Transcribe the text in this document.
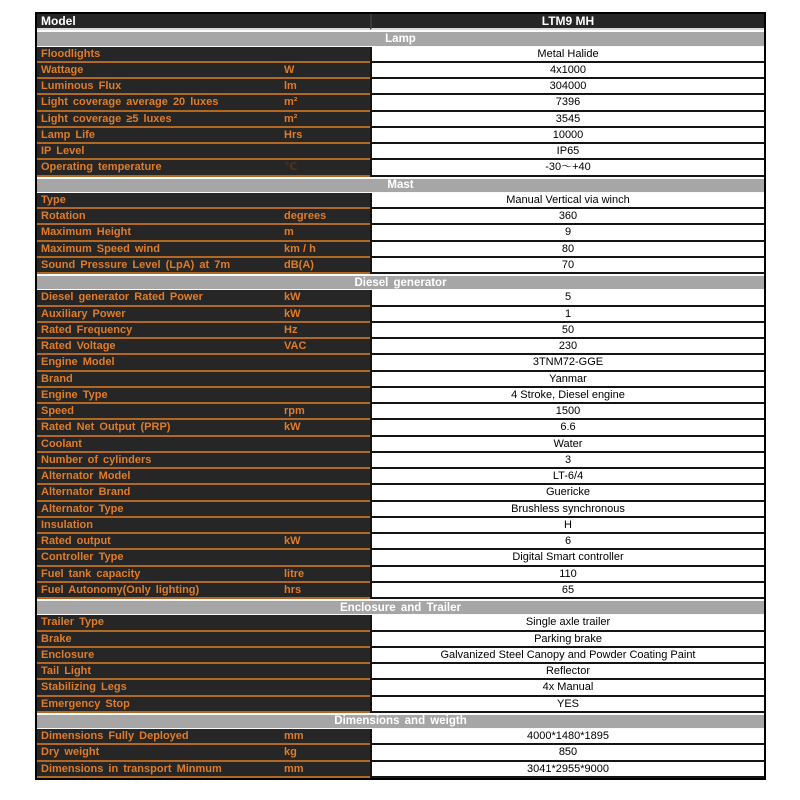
Model	LTM9 MH
Lamp
Floodlights	Metal Halide
Wattage	W	4x1000
Luminous Flux	lm	304000
Light coverage average 20 luxes	m²	7396
Light coverage ≥5 luxes	m²	3545
Lamp Life	Hrs	10000
IP Level	IP65
Operating temperature	℃	-30～+40
Mast
Type	Manual Vertical via winch
Rotation	degrees	360
Maximum Height	m	9
Maximum Speed wind	km / h	80
Sound Pressure Level (LpA) at 7m	dB(A)	70
Diesel generator
Diesel generator Rated Power	kW	5
Auxiliary Power	kW	1
Rated Frequency	Hz	50
Rated Voltage	VAC	230
Engine Model	3TNM72-GGE
Brand	Yanmar
Engine Type	4 Stroke, Diesel engine
Speed	rpm	1500
Rated Net Output (PRP)	kW	6.6
Coolant	Water
Number of cylinders	3
Alternator Model	LT-6/4
Alternator Brand	Guericke
Alternator Type	Brushless synchronous
Insulation	H
Rated output	kW	6
Controller Type	Digital Smart controller
Fuel tank capacity	litre	110
Fuel Autonomy(Only lighting)	hrs	65
Enclosure and Trailer
Trailer Type	Single axle trailer
Brake	Parking brake
Enclosure	Galvanized Steel Canopy and Powder Coating Paint
Tail Light	Reflector
Stabilizing Legs	4x Manual
Emergency Stop	YES
Dimensions and weigth
Dimensions Fully Deployed	mm	4000*1480*1895
Dry weight	kg	850
Dimensions in transport Minmum	mm	3041*2955*9000
